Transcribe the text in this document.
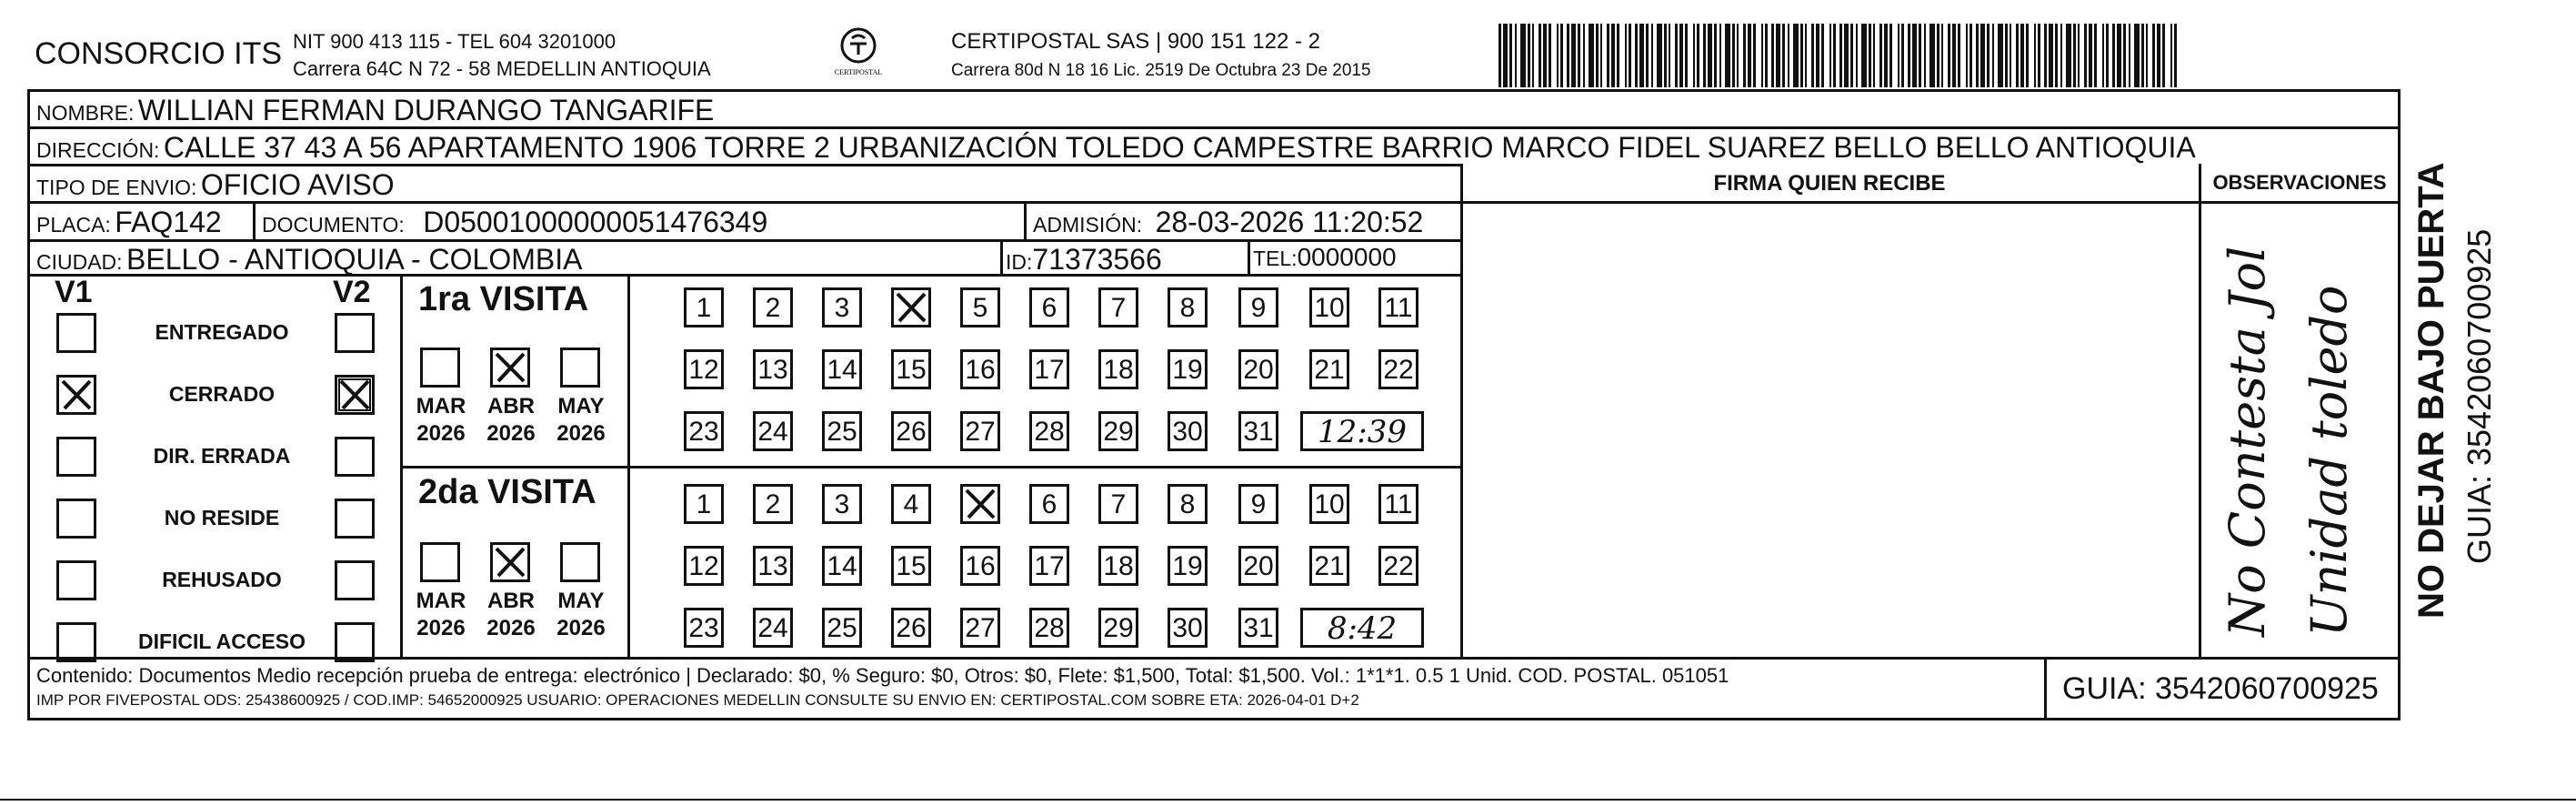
CONSORCIO ITS NIT 900 413 115 - TEL 604 3201000
Carrera 64C N 72 - 58 MEDELLIN ANTIOQUIA	CERTIPOSTAL
CERTIPOSTAL SAS | 900 151 122 - 2
Carrera 80d N 18 16 Lic. 2519 De Octubra 23 De 2015
NOMBRE: WILLIAN FERMAN DURANGO TANGARIFE
DIRECCIÓN: CALLE 37 43 A 56 APARTAMENTO 1906 TORRE 2 URBANIZACIÓN TOLEDO CAMPESTRE BARRIO MARCO FIDEL SUAREZ BELLO BELLO ANTIOQUIA
TIPO DE ENVIO: OFICIO AVISO
PLACA: FAQ142 DOCUMENTO: D05001000000051476349	ADMISIÓN: 28-03-2026 11:20:52
CIUDAD: BELLO - ANTIOQUIA - COLOMBIA	ID:71373566	TEL:0000000
FIRMA QUIEN RECIBE	OBSERVACIONES
No Contesta Jol Unidad toledo
V1	V2 1ra VISITA
2da VISITA
Contenido: Documentos Medio recepción prueba de entrega: electrónico | Declarado: $0, % Seguro: $0, Otros: $0, Flete: $1,500, Total: $1,500. Vol.: 1*1*1. 0.5 1 Unid. COD. POSTAL. 051051
IMP POR FIVEPOSTAL ODS: 25438600925 / COD.IMP: 54652000925 USUARIO: OPERACIONES MEDELLIN CONSULTE SU ENVIO EN: CERTIPOSTAL.COM SOBRE ETA: 2026-04-01 D+2	GUIA: 3542060700925
NO DEJAR BAJO PUERTA GUIA: 3542060700925
ENTREGADO
CERRADO
DIR. ERRADA
NO RESIDE
REHUSADO
DIFICIL ACCESO
MAR
2026
ABR
2026
MAY
2026
MAR
2026
ABR
2026
MAY
2026
1	2	3	5	6	7	8	9	10 11
12 13 14 15 16 17 18 19 20 21 22
23 24 25 26 27 28 29 30 31	12:39
1	2	3	4	6	7	8	9	10 11
12 13 14 15 16 17 18 19 20 21 22
23 24 25 26 27 28 29 30 31	8:42
